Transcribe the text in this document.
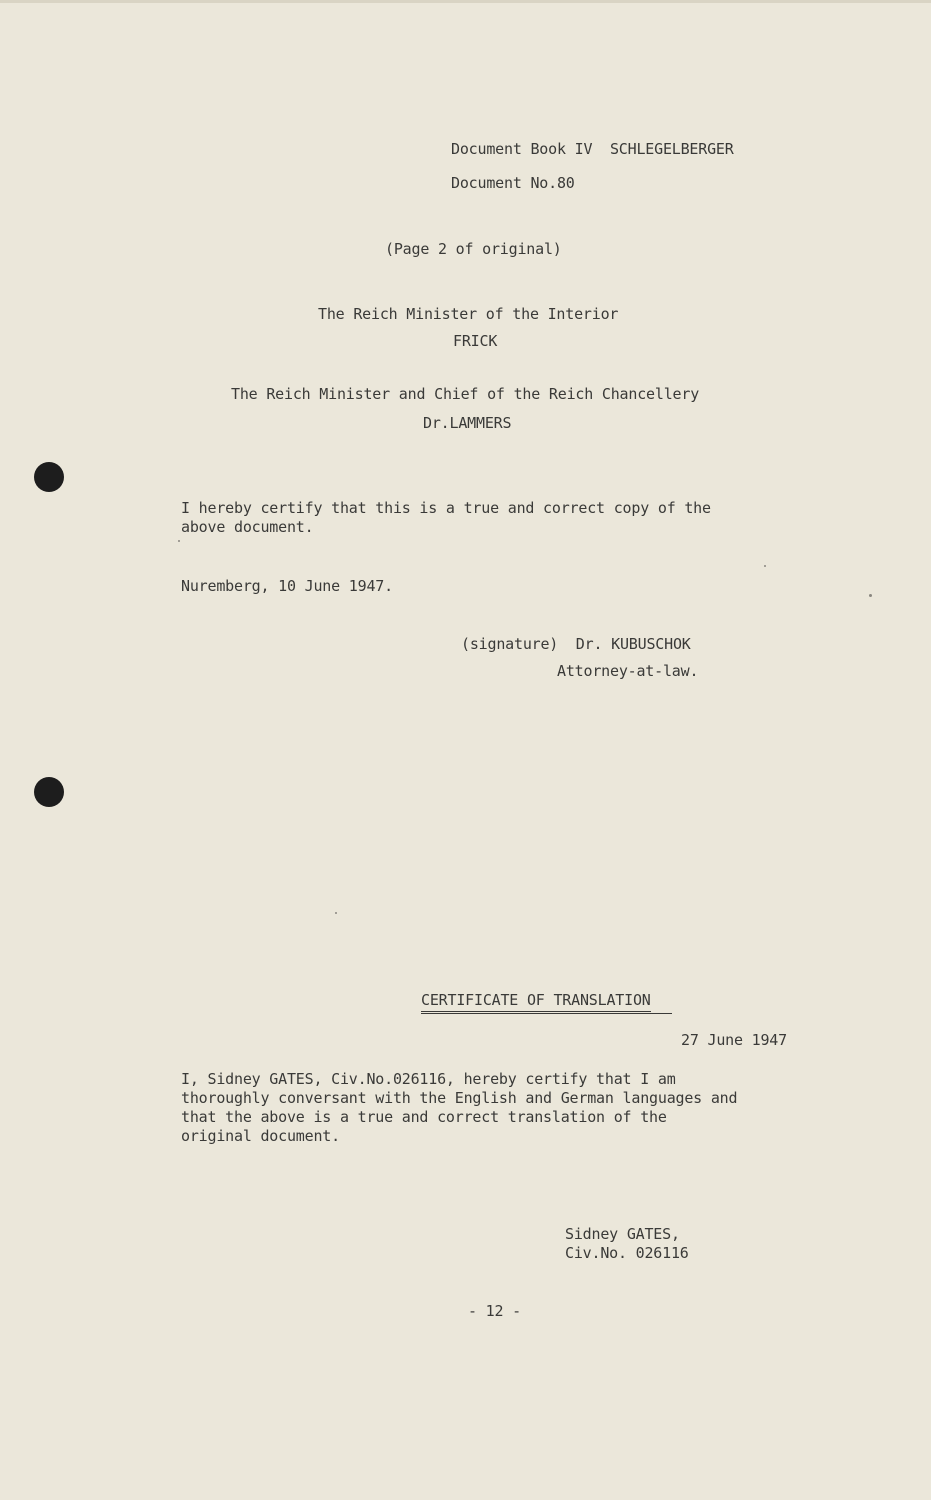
Document Book IV  SCHLEGELBERGER
Document No.80
(Page 2 of original)
The Reich Minister of the Interior
FRICK
The Reich Minister and Chief of the Reich Chancellery
Dr.LAMMERS
I hereby certify that this is a true and correct copy of the
above document.
Nuremberg, 10 June 1947.
(signature)  Dr. KUBUSCHOK
Attorney-at-law.
CERTIFICATE OF TRANSLATION
27 June 1947
I, Sidney GATES, Civ.No.026116, hereby certify that I am
thoroughly conversant with the English and German languages and
that the above is a true and correct translation of the
original document.
Sidney GATES,
Civ.No. 026116
- 12 -
